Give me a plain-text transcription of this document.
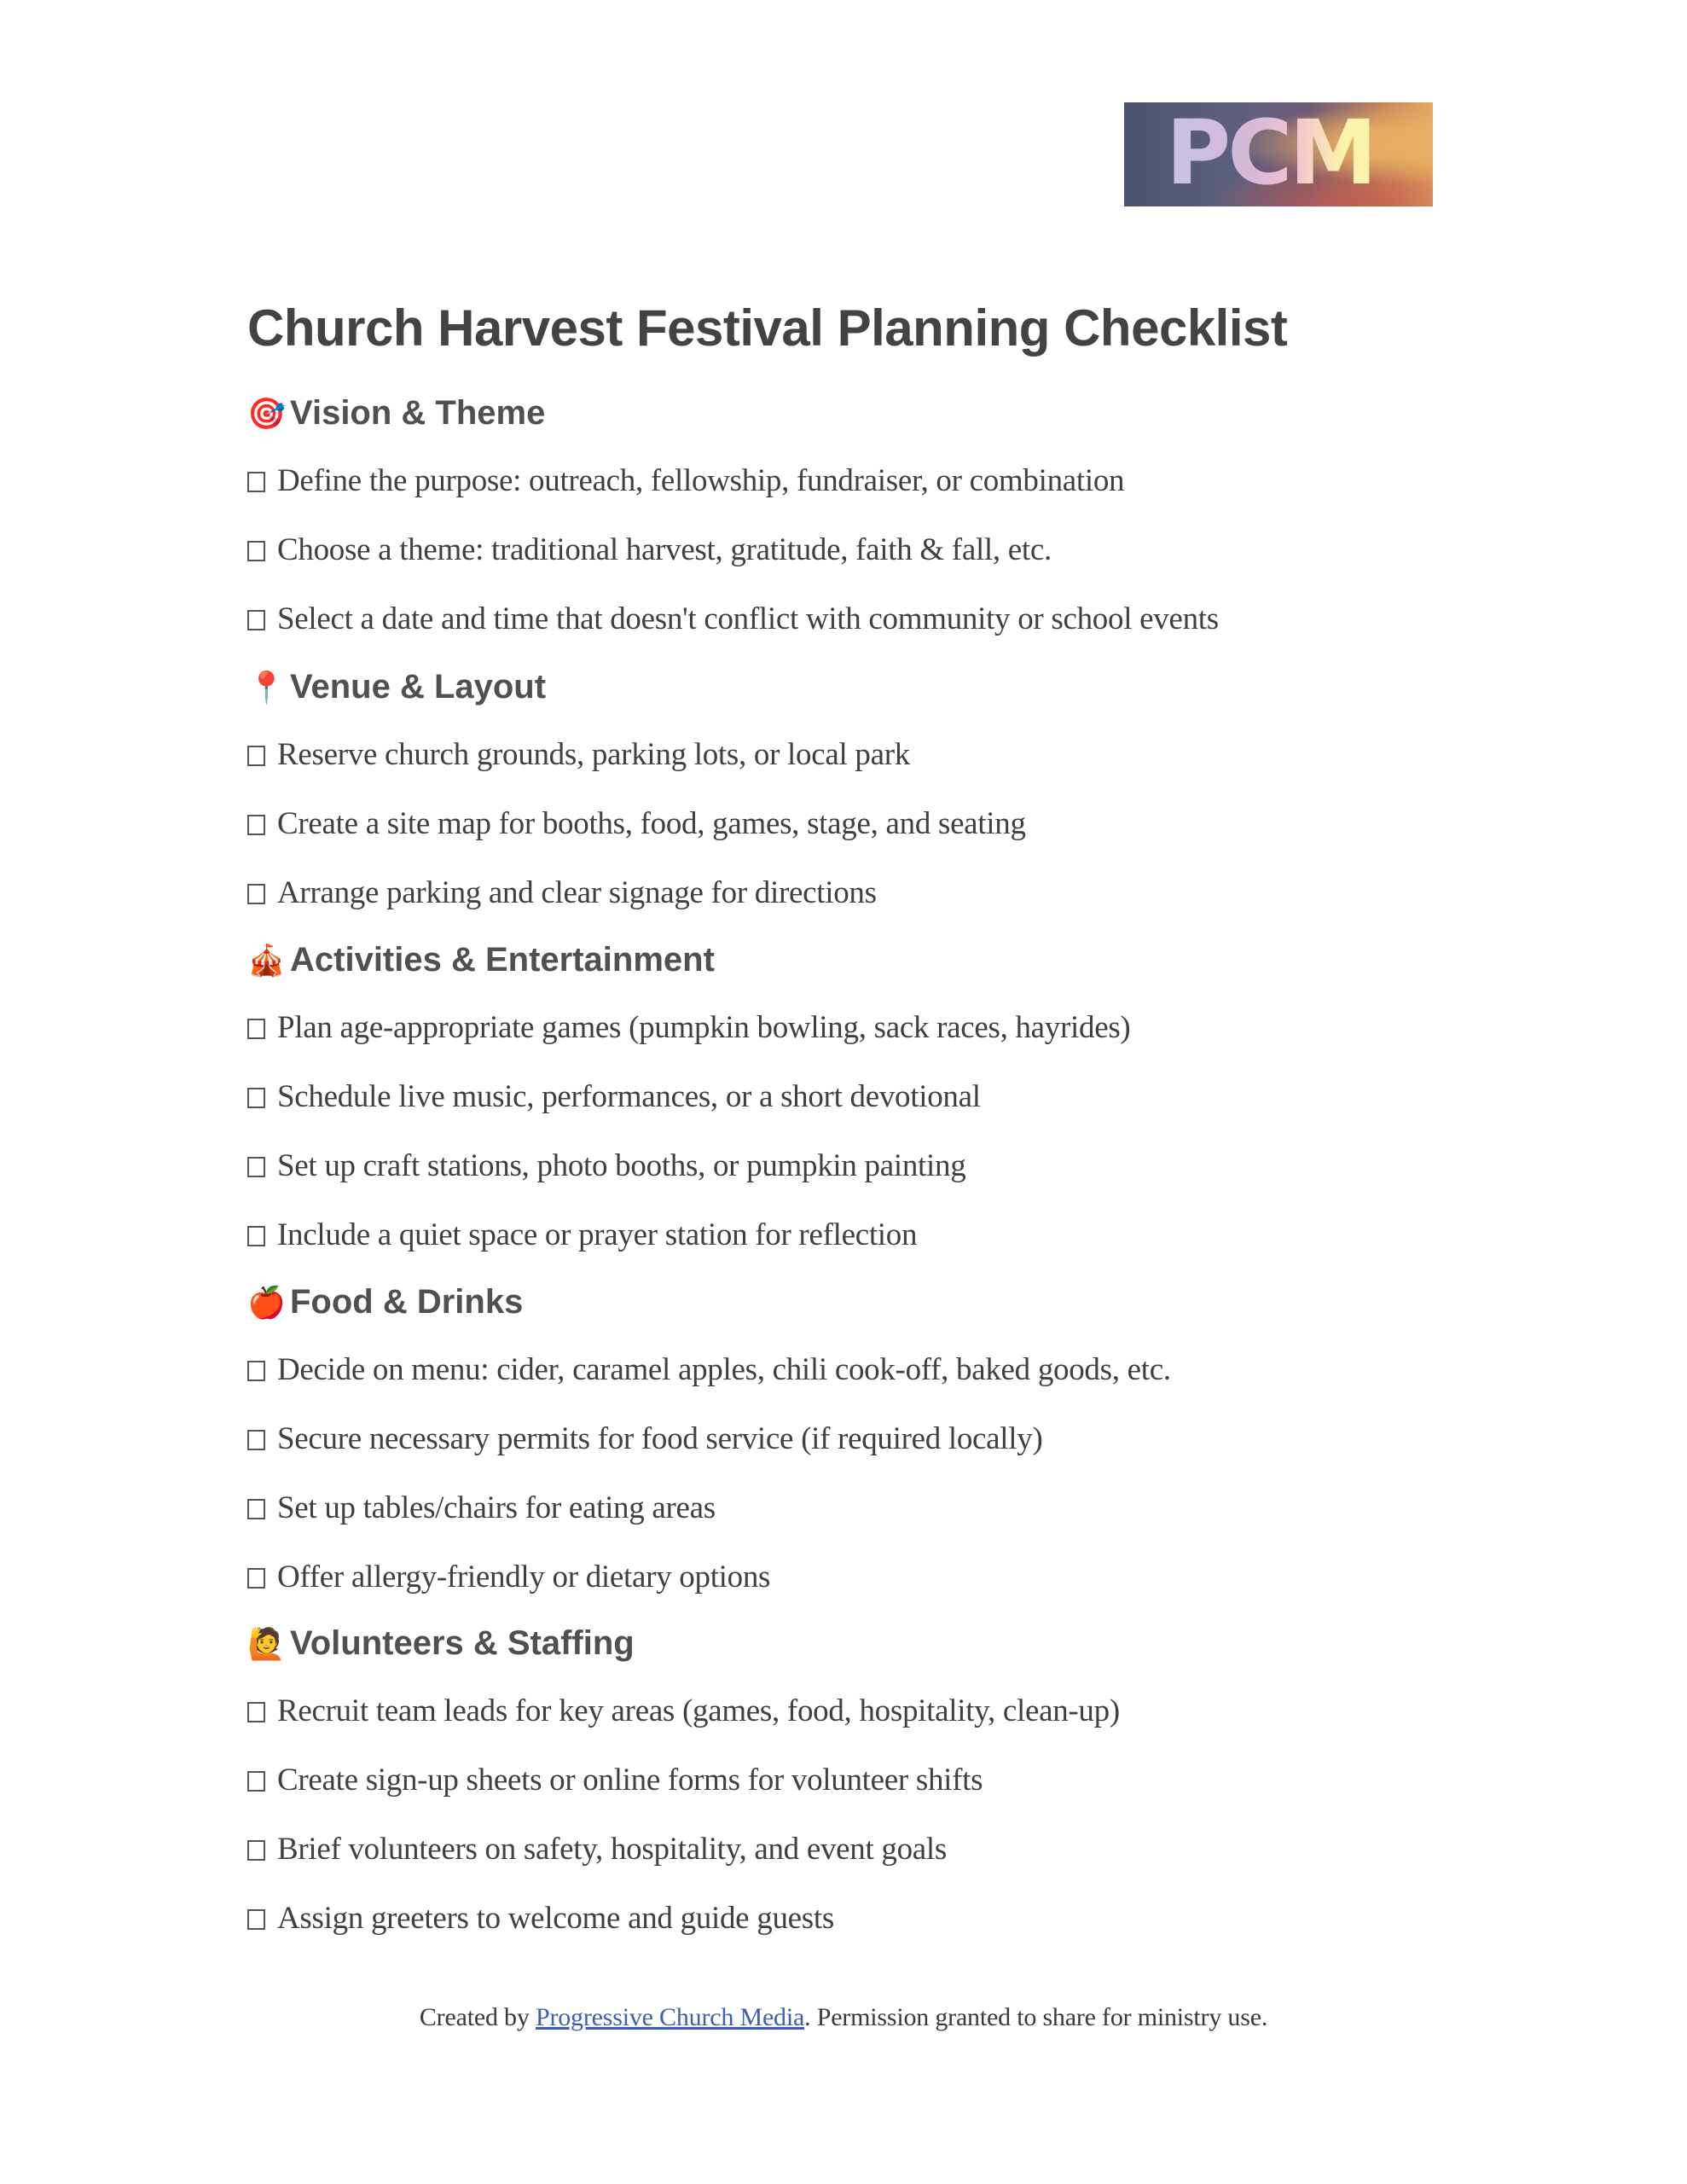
PCM
Church Harvest Festival Planning Checklist
🎯 Vision & Theme
Define the purpose: outreach, fellowship, fundraiser, or combination
Choose a theme: traditional harvest, gratitude, faith & fall, etc.
Select a date and time that doesn't conflict with community or school events
📍 Venue & Layout
Reserve church grounds, parking lots, or local park
Create a site map for booths, food, games, stage, and seating
Arrange parking and clear signage for directions
🎪 Activities & Entertainment
Plan age-appropriate games (pumpkin bowling, sack races, hayrides)
Schedule live music, performances, or a short devotional
Set up craft stations, photo booths, or pumpkin painting
Include a quiet space or prayer station for reflection
🍎 Food & Drinks
Decide on menu: cider, caramel apples, chili cook-off, baked goods, etc.
Secure necessary permits for food service (if required locally)
Set up tables/chairs for eating areas
Offer allergy-friendly or dietary options
🙋 Volunteers & Staffing
Recruit team leads for key areas (games, food, hospitality, clean-up)
Create sign-up sheets or online forms for volunteer shifts
Brief volunteers on safety, hospitality, and event goals
Assign greeters to welcome and guide guests
Created by Progressive Church Media. Permission granted to share for ministry use.
